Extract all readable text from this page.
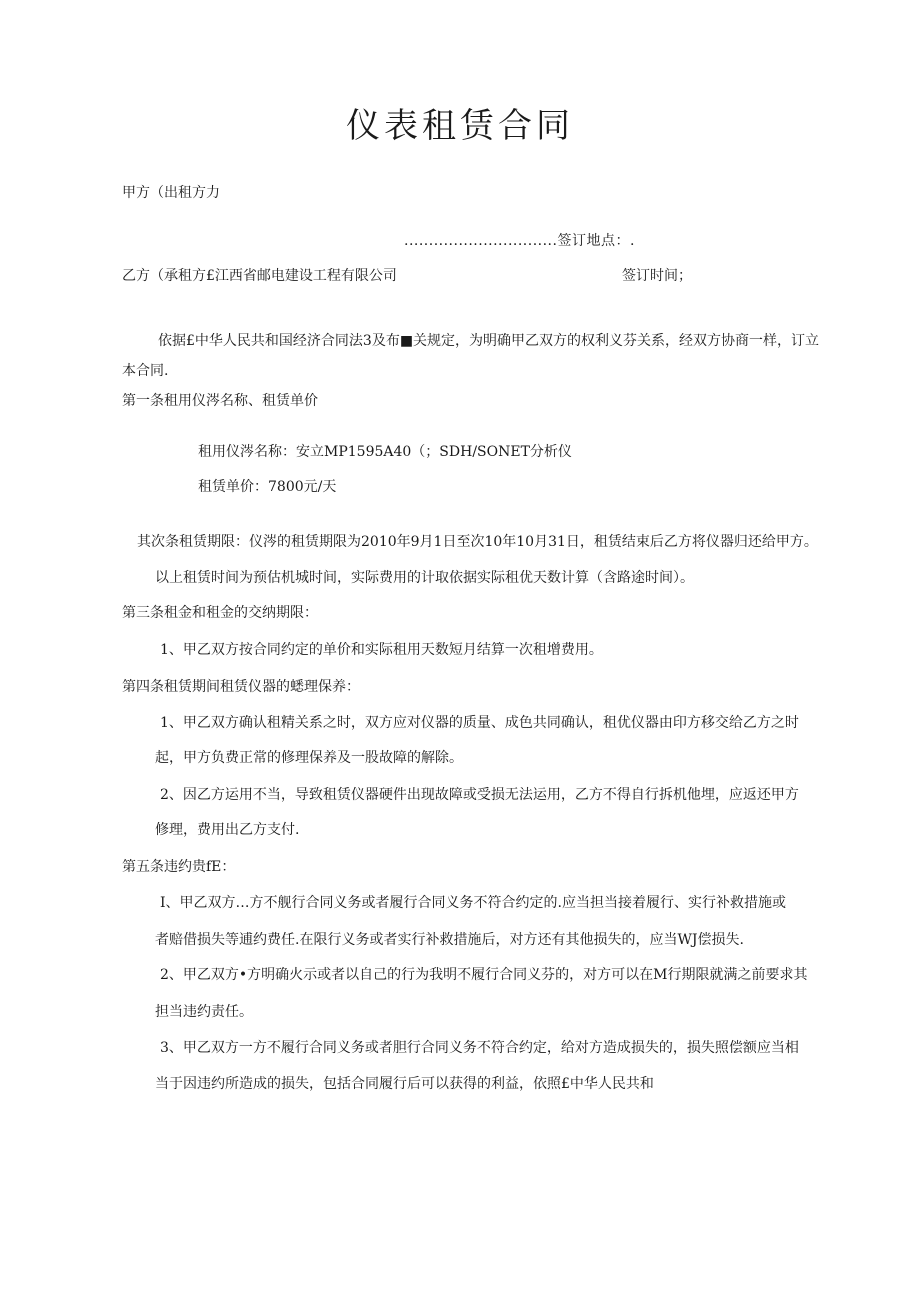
仪表租赁合同
甲方（出租方力
...............................签订地点：.
乙方（承租方£江西省邮电建设工程有限公司	签订时间；
依据£中华人民共和国经济合同法3及布■关规定，为明确甲乙双方的权利义芬关系，经双方协商一样，订立本合同.
第一条租用仪涔名称、租赁单价
租用仪涔名称：安立MP1595A40（；SDH/SONET分析仪
租赁单价：7800元/天
其次条租赁期限：仪涔的租赁期限为2010年9月1日至次10年10月31日，租赁结束后乙方将仪器归还给甲方。
以上租赁时间为预估机城时间，实际费用的计取依据实际租优天数计算（含路途时间）。
第三条租金和租金的交纳期限：
1、甲乙双方按合同约定的单价和实际租用天数短月结算一次租增费用。
第四条租赁期间租赁仪器的蟋理保养：
1、甲乙双方确认租精关系之时，双方应对仪器的质量、成色共同确认，租优仪器由印方移交给乙方之时
起，甲方负费正常的修理保养及一股故障的解除。
2、因乙方运用不当，导致租赁仪器硬件出现故障或受损无法运用，乙方不得自行拆机他埋，应返还甲方
修理，费用出乙方支付.
第五条违约贵fE：
I、甲乙双方…方不舰行合同义务或者履行合同义务不符合约定的.应当担当接着履行、实行补救措施或
者赔借损失等逋约费任.在限行义务或者实行补救措施后，对方还有其他损失的，应当WJ偿损失.
2、甲乙双方•方明确火示或者以自己的行为我明不履行合同义芬的，对方可以在M行期限就满之前要求其
担当违约责任。
3、甲乙双方一方不履行合同义务或者胆行合同义务不符合约定，给对方造成损失的，损失照偿额应当相
当于因违约所造成的损失，包括合同履行后可以获得的利益，依照£中华人民共和
